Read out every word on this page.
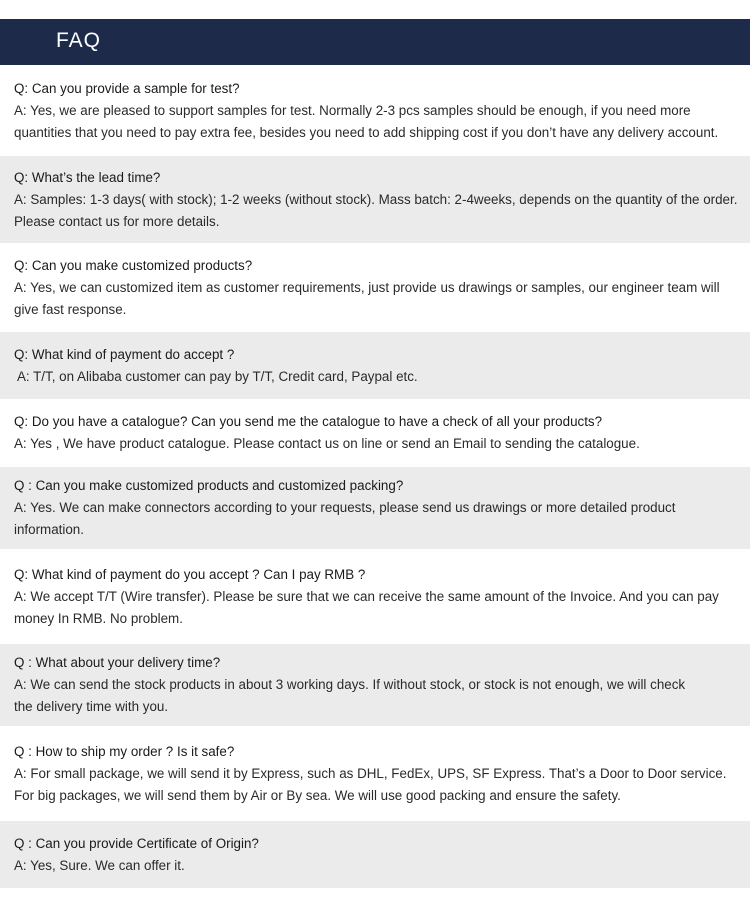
FAQ
Q: Can you provide a sample for test?
A: Yes, we are pleased to support samples for test. Normally 2-3 pcs samples should be enough, if you need more
quantities that you need to pay extra fee, besides you need to add shipping cost if you don’t have any delivery account.
Q: What’s the lead time?
A: Samples: 1-3 days( with stock); 1-2 weeks (without stock). Mass batch: 2-4weeks, depends on the quantity of the order.
Please contact us for more details.
Q: Can you make customized products?
A: Yes, we can customized item as customer requirements, just provide us drawings or samples, our engineer team will
give fast response.
Q: What kind of payment do accept ?
A: T/T, on Alibaba customer can pay by T/T, Credit card, Paypal etc.
Q: Do you have a catalogue? Can you send me the catalogue to have a check of all your products?
A: Yes , We have product catalogue. Please contact us on line or send an Email to sending the catalogue.
Q : Can you make customized products and customized packing?
A: Yes. We can make connectors according to your requests, please send us drawings or more detailed product
information.
Q: What kind of payment do you accept ? Can I pay RMB ?
A: We accept T/T (Wire transfer). Please be sure that we can receive the same amount of the Invoice. And you can pay
money In RMB. No problem.
Q : What about your delivery time?
A: We can send the stock products in about 3 working days. If without stock, or stock is not enough, we will check
the delivery time with you.
Q : How to ship my order ? Is it safe?
A: For small package, we will send it by Express, such as DHL, FedEx, UPS, SF Express. That’s a Door to Door service.
For big packages, we will send them by Air or By sea. We will use good packing and ensure the safety.
Q : Can you provide Certificate of Origin?
A: Yes, Sure. We can offer it.
